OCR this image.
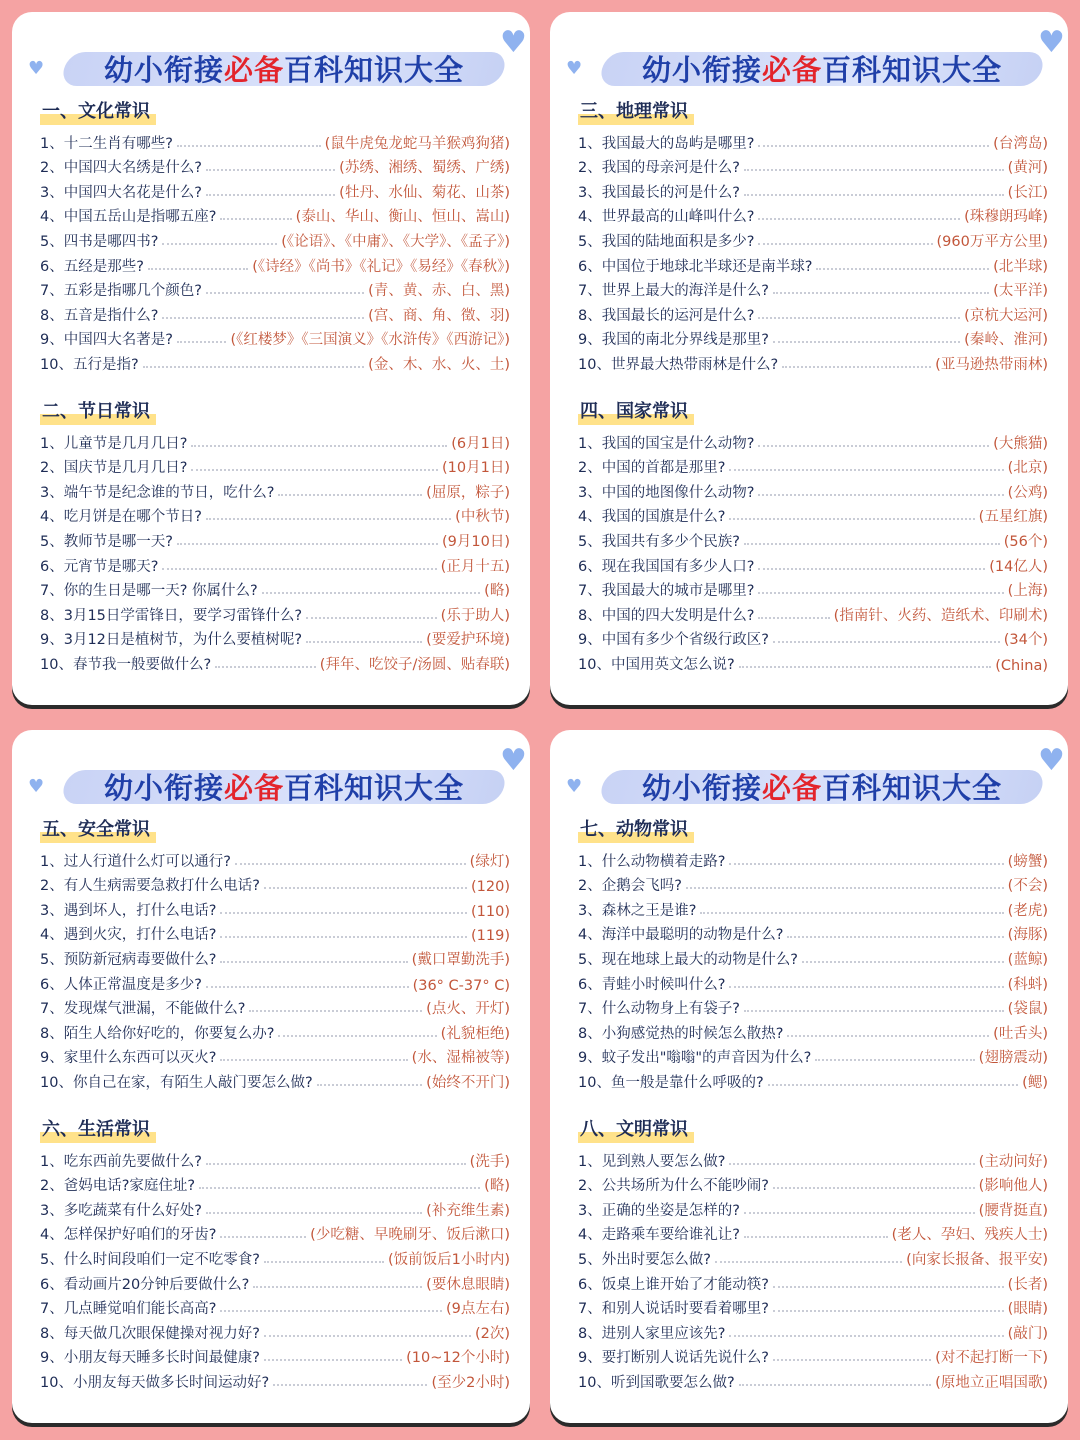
♥
♥
幼小衔接必备百科知识大全
一、文化常识
1、十二生肖有哪些?	(鼠牛虎兔龙蛇马羊猴鸡狗猪)
2、中国四大名绣是什么?	(苏绣、湘绣、蜀绣、广绣)
3、中国四大名花是什么?	(牡丹、水仙、菊花、山茶)
4、中国五岳山是指哪五座?	(泰山、华山、衡山、恒山、嵩山)
5、四书是哪四书?	(《论语》、《中庸》、《大学》、《孟子》)
6、五经是那些?	(《诗经》《尚书》《礼记》《易经》《春秋》)
7、五彩是指哪几个颜色?	(青、黄、赤、白、黑)
8、五音是指什么?	(宫、商、角、徵、羽)
9、中国四大名著是?	(《红楼梦》《三国演义》《水浒传》《西游记》)
10、五行是指?	(金、木、水、火、土)
二、节日常识
1、儿童节是几月几日?	(6月1日)
2、国庆节是几月几日?	(10月1日)
3、端午节是纪念谁的节日，吃什么?	(屈原，粽子)
4、吃月饼是在哪个节日?	(中秋节)
5、教师节是哪一天?	(9月10日)
6、元宵节是哪天?	(正月十五)
7、你的生日是哪一天? 你属什么?	(略)
8、3月15日学雷锋日，要学习雷锋什么?	(乐于助人)
9、3月12日是植树节，为什么要植树呢?	(要爱护环境)
10、春节我一般要做什么?	(拜年、吃饺子/汤圆、贴春联)
♥
♥
幼小衔接必备百科知识大全
三、地理常识
1、我国最大的岛屿是哪里?	(台湾岛)
2、我国的母亲河是什么?	(黄河)
3、我国最长的河是什么?	(长江)
4、世界最高的山峰叫什么?	(珠穆朗玛峰)
5、我国的陆地面积是多少?	(960万平方公里)
6、中国位于地球北半球还是南半球?	(北半球)
7、世界上最大的海洋是什么?	(太平洋)
8、我国最长的运河是什么?	(京杭大运河)
9、我国的南北分界线是那里?	(秦岭、淮河)
10、世界最大热带雨林是什么?	(亚马逊热带雨林)
四、国家常识
1、我国的国宝是什么动物?	(大熊猫)
2、中国的首都是那里?	(北京)
3、中国的地图像什么动物?	(公鸡)
4、我国的国旗是什么?	(五星红旗)
5、我国共有多少个民族?	(56个)
6、现在我国国有多少人口?	(14亿人)
7、我国最大的城市是哪里?	(上海)
8、中国的四大发明是什么?	(指南针、火药、造纸术、印刷术)
9、中国有多少个省级行政区?	(34个)
10、中国用英文怎么说?	(China)
♥
♥
幼小衔接必备百科知识大全
五、安全常识
1、过人行道什么灯可以通行?	(绿灯)
2、有人生病需要急救打什么电话?	(120)
3、遇到坏人，打什么电话?	(110)
4、遇到火灾，打什么电话?	(119)
5、预防新冠病毒要做什么?	(戴口罩勤洗手)
6、人体正常温度是多少?	(36° C-37° C)
7、发现煤气泄漏，不能做什么?	(点火、开灯)
8、陌生人给你好吃的，你要复么办?	(礼貌柜绝)
9、家里什么东西可以灭火?	(水、湿棉被等)
10、你自己在家，有陌生人敲门要怎么做?	(始终不开门)
六、生活常识
1、吃东西前先要做什么?	(洗手)
2、爸妈电话?家庭住址?	(略)
3、多吃蔬菜有什么好处?	(补充维生素)
4、怎样保护好咱们的牙齿?	(少吃糖、早晚刷牙、饭后漱口)
5、什么时间段咱们一定不吃零食?	(饭前饭后1小时内)
6、看动画片20分钟后要做什么?	(要休息眼睛)
7、几点睡觉咱们能长高高?	(9点左右)
8、每天做几次眼保健操对视力好?	(2次)
9、小朋友每天睡多长时间最健康?	(10~12个小时)
10、小朋友每天做多长时间运动好?	(至少2小时)
♥
♥
幼小衔接必备百科知识大全
七、动物常识
1、什么动物横着走路?	(螃蟹)
2、企鹅会飞吗?	(不会)
3、森林之王是谁?	(老虎)
4、海洋中最聪明的动物是什么?	(海豚)
5、现在地球上最大的动物是什么?	(蓝鲸)
6、青蛙小时候叫什么?	(科蚪)
7、什么动物身上有袋子?	(袋鼠)
8、小狗感觉热的时候怎么散热?	(吐舌头)
9、蚊子发出"嗡嗡"的声音因为什么?	(翅膀震动)
10、鱼一般是靠什么呼吸的?	(鳃)
八、文明常识
1、见到熟人要怎么做?	(主动问好)
2、公共场所为什么不能吵闹?	(影响他人)
3、正确的坐姿是怎样的?	(腰背挺直)
4、走路乘车要给谁礼让?	(老人、孕妇、残疾人士)
5、外出时要怎么做?	(向家长报备、报平安)
6、饭桌上谁开始了才能动筷?	(长者)
7、和别人说话时要看着哪里?	(眼睛)
8、进别人家里应该先?	(敲门)
9、要打断别人说话先说什么?	(对不起打断一下)
10、听到国歌要怎么做?	(原地立正唱国歌)
